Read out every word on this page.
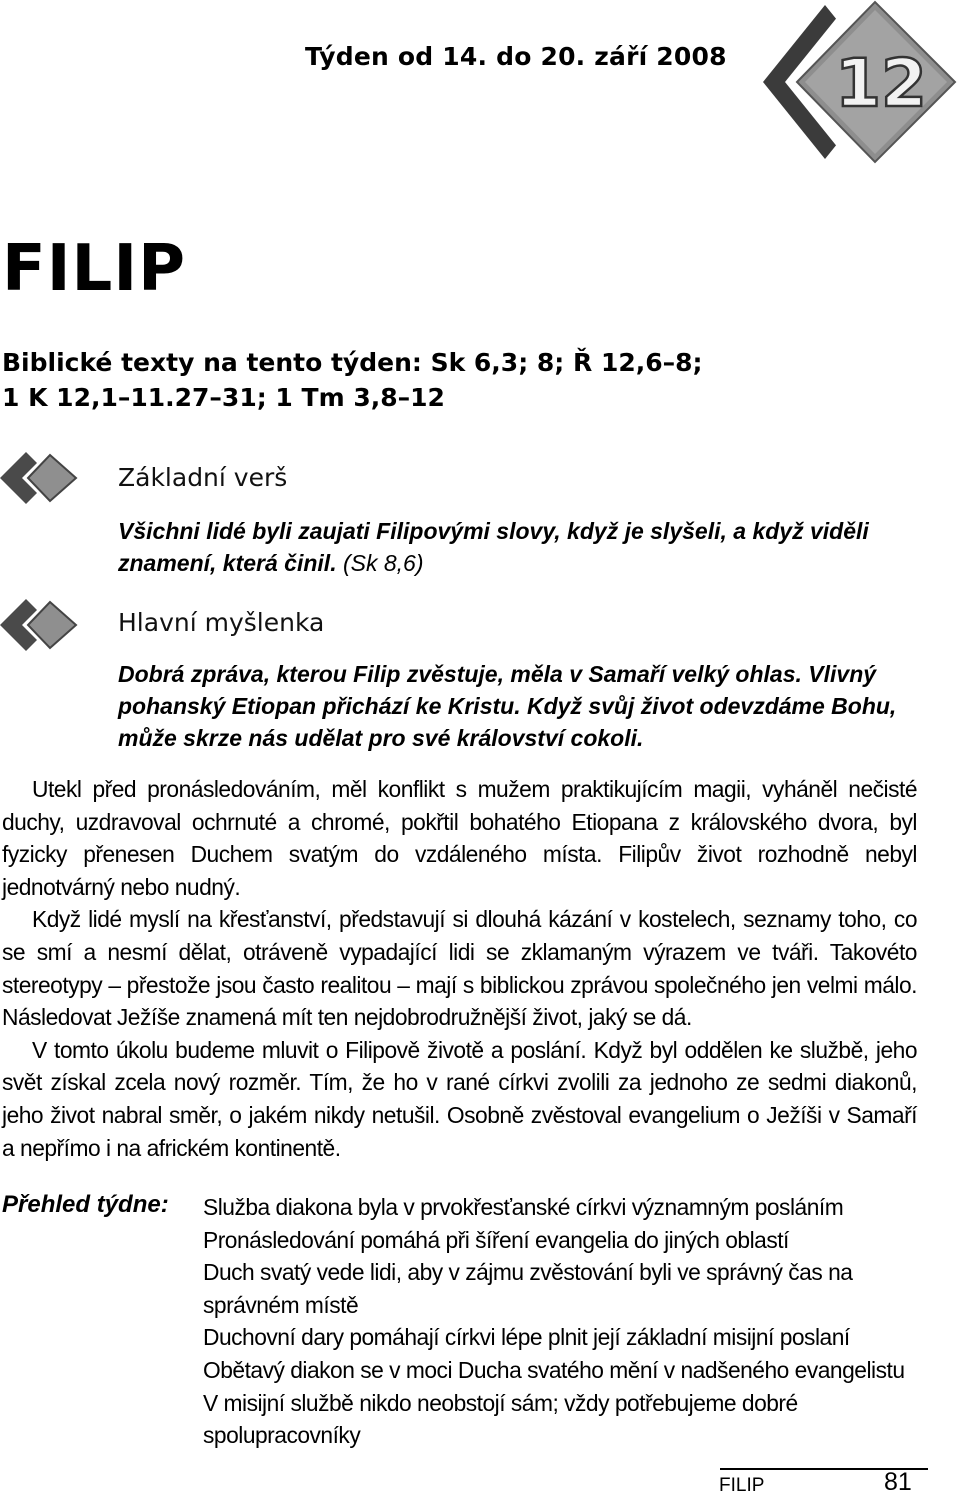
Týden od 14. do 20. září 2008 12
FILIP
Biblické texty na tento týden: Sk 6,3; 8; Ř 12,6–8;
1 K 12,1–11.27–31; 1 Tm 3,8–12
Základní verš
Všichni lidé byli zaujati Filipovými slovy, když je slyšeli, a když viděli znamení, která činil. (Sk 8,6)
Hlavní myšlenka
Dobrá zpráva, kterou Filip zvěstuje, měla v Samaří velký ohlas. Vlivný pohanský Etiopan přichází ke Kristu. Když svůj život odevzdáme Bohu, může skrze nás udělat pro své království cokoli.

Utekl před pronásledováním, měl konflikt s mužem praktikujícím magii, vyháněl nečisté duchy, uzdravoval ochrnuté a chromé, pokřtil bohatého Etiopana z královského dvora, byl fyzicky přenesen Duchem svatým do vzdáleného místa. Filipův život rozhodně nebyl jednotvárný nebo nudný.

Když lidé myslí na křesťanství, představují si dlouhá kázání v kostelech, seznamy toho, co se smí a nesmí dělat, otráveně vypadající lidi se zklamaným výrazem ve tváři. Takovéto stereotypy – přestože jsou často realitou – mají s biblickou zprávou společného jen velmi málo. Následovat Ježíše znamená mít ten nejdobrodružnější život, jaký se dá.

V tomto úkolu budeme mluvit o Filipově životě a poslání. Když byl oddělen ke službě, jeho svět získal zcela nový rozměr. Tím, že ho v rané církvi zvolili za jednoho ze sedmi diakonů, jeho život nabral směr, o jakém nikdy netušil. Osobně zvěstoval evangelium o Ježíši v Samaří a nepřímo i na africkém kontinentě.

Přehled týdne: Služba diakona byla v prvokřesťanské církvi významným posláním
Pronásledování pomáhá při šíření evangelia do jiných oblastí
Duch svatý vede lidi, aby v zájmu zvěstování byli ve správný čas na správném místě
Duchovní dary pomáhají církvi lépe plnit její základní misijní poslaní
Obětavý diakon se v moci Ducha svatého mění v nadšeného evangelistu
V misijní službě nikdo neobstojí sám; vždy potřebujeme dobré spolupracovníky
FILIP	81
